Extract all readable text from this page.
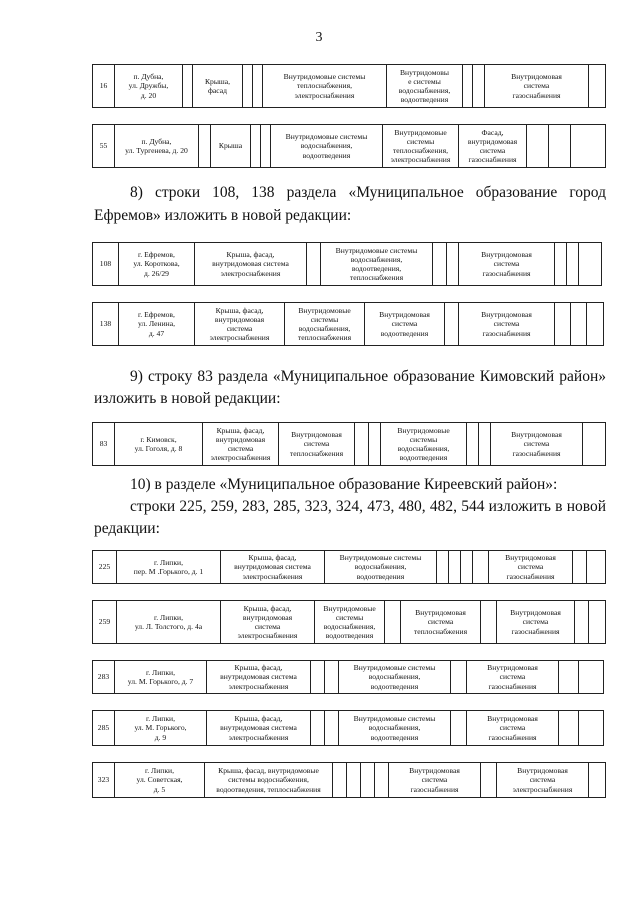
3
16
п. Дубна,
ул. Дружбы,
д. 20
Крыша,
фасад
Внутридомовые системы
теплоснабжения,
электроснабжения
Внутридомовы
е системы
водоснабжения,
водоотведения
Внутридомовая
система
газоснабжения
55
п. Дубна,
ул. Тургенева, д. 20
Крыша
Внутридомовые системы
водоснабжения,
водоотведения
Внутридомовые
системы
теплоснабжения,
электроснабжения
Фасад,
внутридомовая
система
газоснабжения
8) строки 108, 138 раздела «Муниципальное образование город
Ефремов» изложить в новой редакции:
108
г. Ефремов,
ул. Короткова,
д. 26/29
Крыша, фасад,
внутридомовая система
электроснабжения
Внутридомовые системы
водоснабжения,
водоотведения,
теплоснабжения
Внутридомовая
система
газоснабжения
138
г. Ефремов,
ул. Ленина,
д. 47
Крыша, фасад,
внутридомовая
система
электроснабжения
Внутридомовые
системы
водоснабжения,
теплоснабжения
Внутридомовая
система
водоотведения
Внутридомовая
система
газоснабжения
9) строку 83 раздела «Муниципальное образование Кимовский район»
изложить в новой редакции:
83
г. Кимовск,
ул. Гоголя, д. 8
Крыша, фасад,
внутридомовая
система
электроснабжения
Внутридомовая
система
теплоснабжения
Внутридомовые
системы
водоснабжения,
водоотведения
Внутридомовая
система
газоснабжения
10) в разделе «Муниципальное образование Киреевский район»:
строки 225, 259, 283, 285, 323, 324, 473, 480, 482, 544 изложить в новой
редакции:
225
г. Липки,
пер. М .Горького, д. 1
Крыша, фасад,
внутридомовая система
электроснабжения
Внутридомовые системы
водоснабжения,
водоотведения
Внутридомовая
система
газоснабжения
259
г. Липки,
ул. Л. Толстого, д. 4а
Крыша, фасад,
внутридомовая
система
электроснабжения
Внутридомовые
системы
водоснабжения,
водоотведения
Внутридомовая
система
теплоснабжения
Внутридомовая
система
газоснабжения
283
г. Липки,
ул. М. Горького, д. 7
Крыша, фасад,
внутридомовая система
электроснабжения
Внутридомовые системы
водоснабжения,
водоотведения
Внутридомовая
система
газоснабжения
285
г. Липки,
ул. М. Горького,
д. 9
Крыша, фасад,
внутридомовая система
электроснабжения
Внутридомовые системы
водоснабжения,
водоотведения
Внутридомовая
система
газоснабжения
323
г. Липки,
ул. Советская,
д. 5
Крыша, фасад, внутридомовые
системы водоснабжения,
водоотведения, теплоснабжения
Внутридомовая
система
газоснабжения
Внутридомовая
система
электроснабжения
